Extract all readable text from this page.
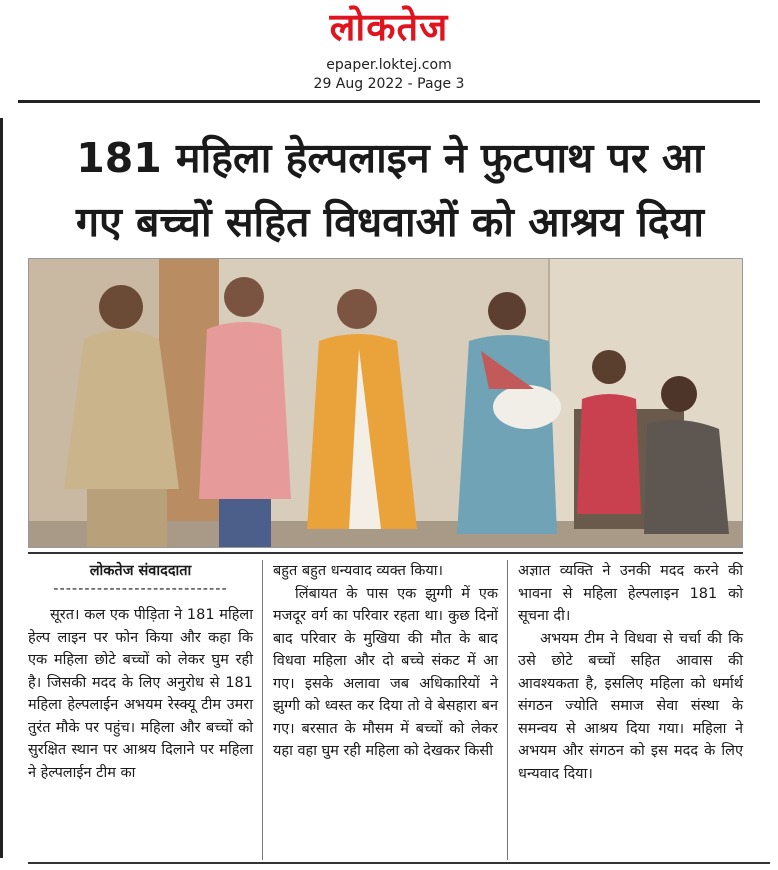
लोकतेज
epaper.loktej.com
29 Aug 2022 - Page 3
181 महिला हेल्पलाइन ने फुटपाथ पर आ
गए बच्चों सहित विधवाओं को आश्रय दिया
लोकतेज संवाददाता
----------------------------

सूरत। कल एक पीड़िता ने 181 महिला हेल्प लाइन पर फोन किया और कहा कि एक महिला छोटे बच्चों को लेकर घुम रही है। जिसकी मदद के लिए अनुरोध से 181 महिला हेल्पलाईन अभयम रेस्क्यू टीम उमरा तुरंत मौके पर पहुंच। महिला और बच्चों को सुरक्षित स्थान पर आश्रय दिलाने पर महिला ने हेल्पलाईन टीम का

बहुत बहुत धन्यवाद व्यक्त किया।

लिंबायत के पास एक झुग्गी में एक मजदूर वर्ग का परिवार रहता था। कुछ दिनों बाद परिवार के मुखिया की मौत के बाद विधवा महिला और दो बच्चे संकट में आ गए। इसके अलावा जब अधिकारियों ने झुग्गी को ध्वस्त कर दिया तो वे बेसहारा बन गए। बरसात के मौसम में बच्चों को लेकर यहा वहा घुम रही महिला को देखकर किसी

अज्ञात व्यक्ति ने उनकी मदद करने की भावना से महिला हेल्पलाइन 181 को सूचना दी।

अभयम टीम ने विधवा से चर्चा की कि उसे छोटे बच्चों सहित आवास की आवश्यकता है, इसलिए महिला को धर्मार्थ संगठन ज्योति समाज सेवा संस्था के समन्वय से आश्रय दिया गया। महिला ने अभयम और संगठन को इस मदद के लिए धन्यवाद दिया।
